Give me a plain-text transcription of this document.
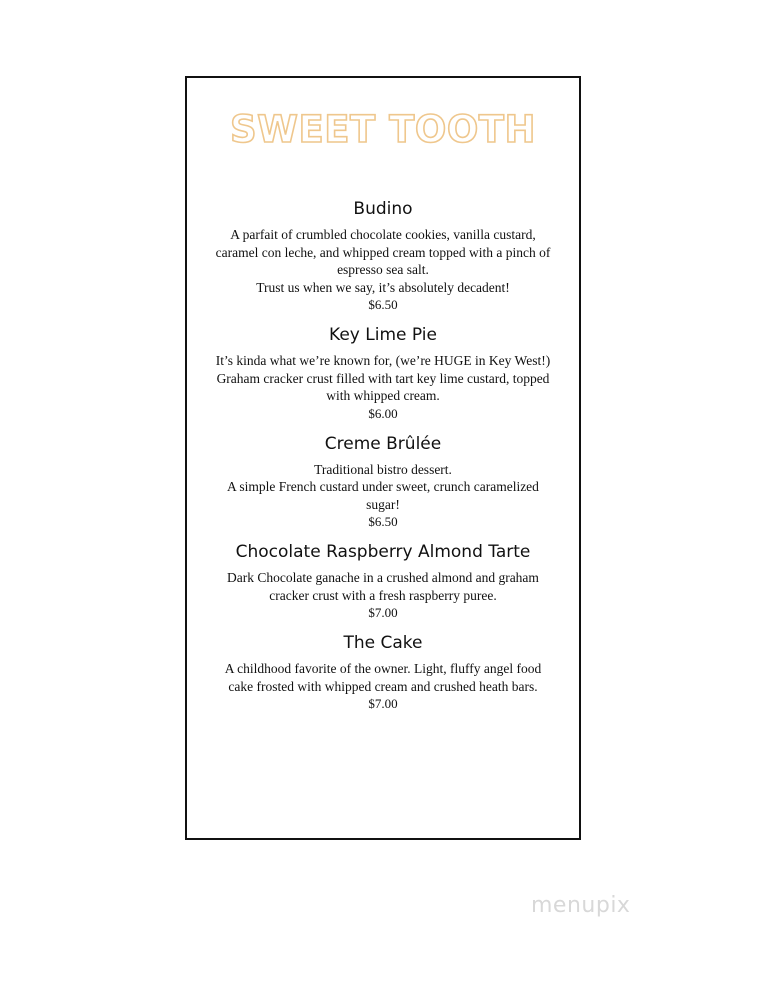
SWEET TOOTH
Budino
A parfait of crumbled chocolate cookies, vanilla custard,
caramel con leche, and whipped cream topped with a pinch of
espresso sea salt.
Trust us when we say, it’s absolutely decadent!
$6.50
Key Lime Pie
It’s kinda what we’re known for, (we’re HUGE in Key West!)
Graham cracker crust filled with tart key lime custard, topped
with whipped cream.
$6.00
Creme Brûlée
Traditional bistro dessert.
A simple French custard under sweet, crunch caramelized
sugar!
$6.50
Chocolate Raspberry Almond Tarte
Dark Chocolate ganache in a crushed almond and graham
cracker crust with a fresh raspberry puree.
$7.00
The Cake
A childhood favorite of the owner. Light, fluffy angel food
cake frosted with whipped cream and crushed heath bars.
$7.00
menupix
